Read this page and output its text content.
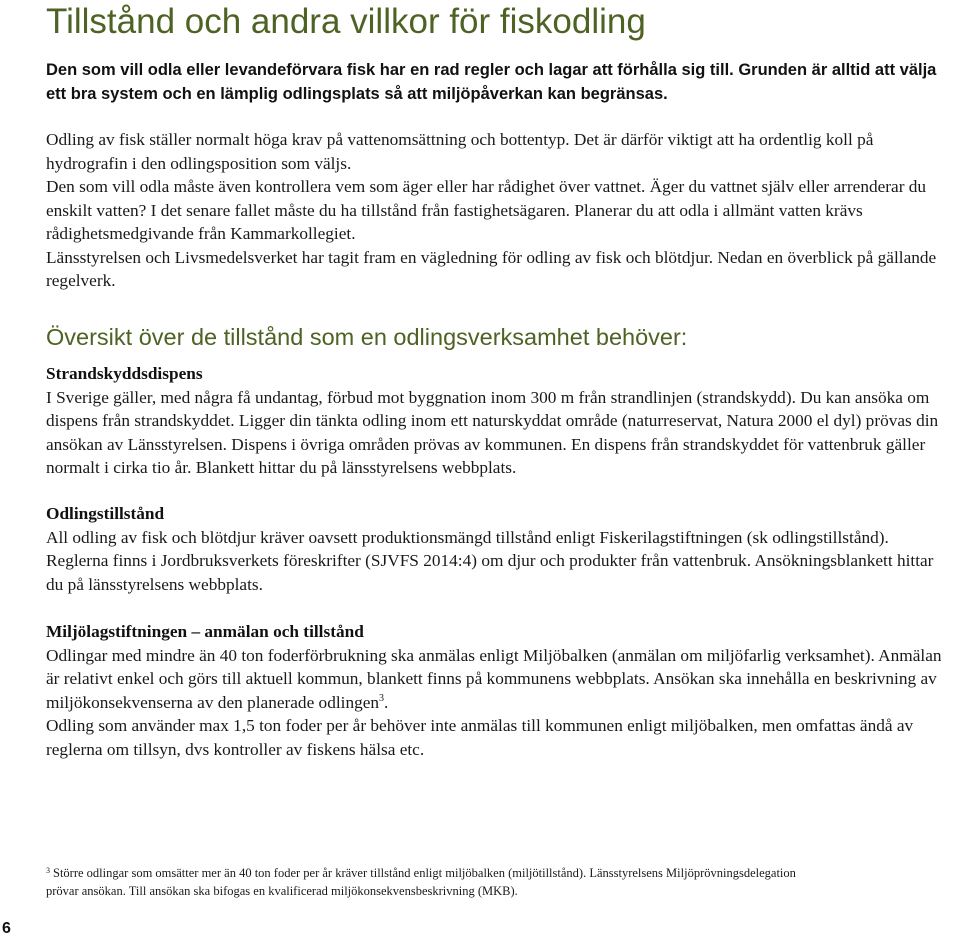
Tillstånd och andra villkor för fiskodling

Den som vill odla eller levandeförvara fisk har en rad regler och lagar att förhålla sig till. Grunden är alltid att välja ett bra system och en lämplig odlingsplats så att miljöpåverkan kan begränsas.

Odling av fisk ställer normalt höga krav på vattenomsättning och bottentyp. Det är därför viktigt att ha ordentlig koll på hydrografin i den odlingsposition som väljs.

Den som vill odla måste även kontrollera vem som äger eller har rådighet över vattnet. Äger du vattnet själv eller arrenderar du enskilt vatten? I det senare fallet måste du ha tillstånd från fastighetsägaren. Planerar du att odla i allmänt vatten krävs rådighetsmedgivande från Kammarkollegiet.

Länsstyrelsen och Livsmedelsverket har tagit fram en vägledning för odling av fisk och blötdjur. Nedan en överblick på gällande regelverk.

Översikt över de tillstånd som en odlingsverksamhet behöver:

Strandskyddsdispens

I Sverige gäller, med några få undantag, förbud mot byggnation inom 300 m från strandlinjen (strandskydd). Du kan ansöka om dispens från strandskyddet. Ligger din tänkta odling inom ett naturskyddat område (naturreservat, Natura 2000 el dyl) prövas din ansökan av Länsstyrelsen. Dispens i övriga områden prövas av kommunen. En dispens från strandskyddet för vattenbruk gäller normalt i cirka tio år. Blankett hittar du på länsstyrelsens webbplats.

Odlingstillstånd

All odling av fisk och blötdjur kräver oavsett produktionsmängd tillstånd enligt Fiskerilagstiftningen (sk odlingstillstånd). Reglerna finns i Jordbruksverkets föreskrifter (SJVFS 2014:4) om djur och produkter från vattenbruk. Ansökningsblankett hittar du på länsstyrelsens webbplats.

Miljölagstiftningen – anmälan och tillstånd

Odlingar med mindre än 40 ton foderförbrukning ska anmälas enligt Miljöbalken (anmälan om miljöfarlig verksamhet). Anmälan är relativt enkel och görs till aktuell kommun, blankett finns på kommunens webbplats. Ansökan ska innehålla en beskrivning av miljökonsekvenserna av den planerade odlingen$^3$.

Odling som använder max 1,5 ton foder per år behöver inte anmälas till kommunen enligt miljöbalken, men omfattas ändå av reglerna om tillsyn, dvs kontroller av fiskens hälsa etc.

$^3$ Större odlingar som omsätter mer än 40 ton foder per år kräver tillstånd enligt miljöbalken (miljötillstånd). Länsstyrelsens Miljöprövningsdelegation prövar ansökan. Till ansökan ska bifogas en kvalificerad miljökonsekvensbeskrivning (MKB).

6
